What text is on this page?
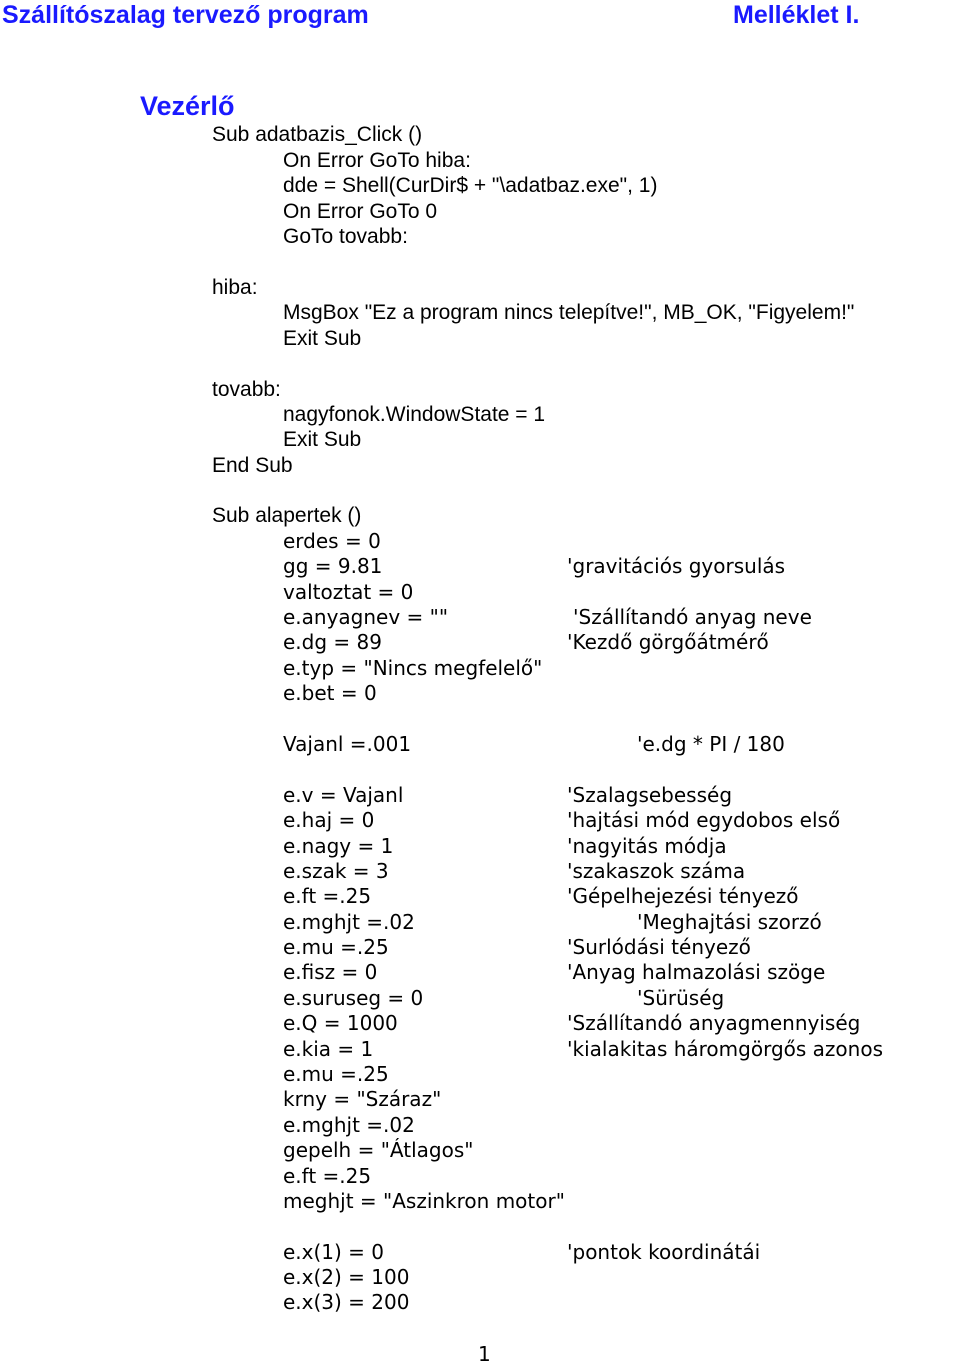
Szállítószalag tervező program	Melléklet I.
Vezérlő
Sub adatbazis_Click ()
On Error GoTo hiba:
dde = Shell(CurDir$ + "\adatbaz.exe", 1)
On Error GoTo 0
GoTo tovabb:
hiba:
MsgBox "Ez a program nincs telepítve!", MB_OK, "Figyelem!"
Exit Sub
tovabb:
nagyfonok.WindowState = 1
Exit Sub
End Sub
Sub alapertek ()
erdes = 0
gg = 9.81
valtoztat = 0
e.anyagnev = ""
e.dg = 89
e.typ = "Nincs megfelelő"
e.bet = 0
Vajanl =.001
e.v = Vajanl
e.haj = 0
e.nagy = 1
e.szak = 3
e.ft =.25
e.mghjt =.02
e.mu =.25
e.fisz = 0
e.suruseg = 0
e.Q = 1000
e.kia = 1
e.mu =.25
krny = "Száraz"
e.mghjt =.02
gepelh = "Átlagos"
e.ft =.25
meghjt = "Aszinkron motor"
e.x(1) = 0
e.x(2) = 100
e.x(3) = 200
'gravitációs gyorsulás
'Szállítandó anyag neve
'Kezdő görgőátmérő
'e.dg * PI / 180
'Szalagsebesség
'hajtási mód egydobos első
'nagyitás módja
'szakaszok száma
'Gépelhejezési tényező
'Meghajtási szorzó
'Surlódási tényező
'Anyag halmazolási szöge
'Sürüség
'Szállítandó anyagmennyiség
'kialakitas háromgörgős azonos
'pontok koordinátái
1
